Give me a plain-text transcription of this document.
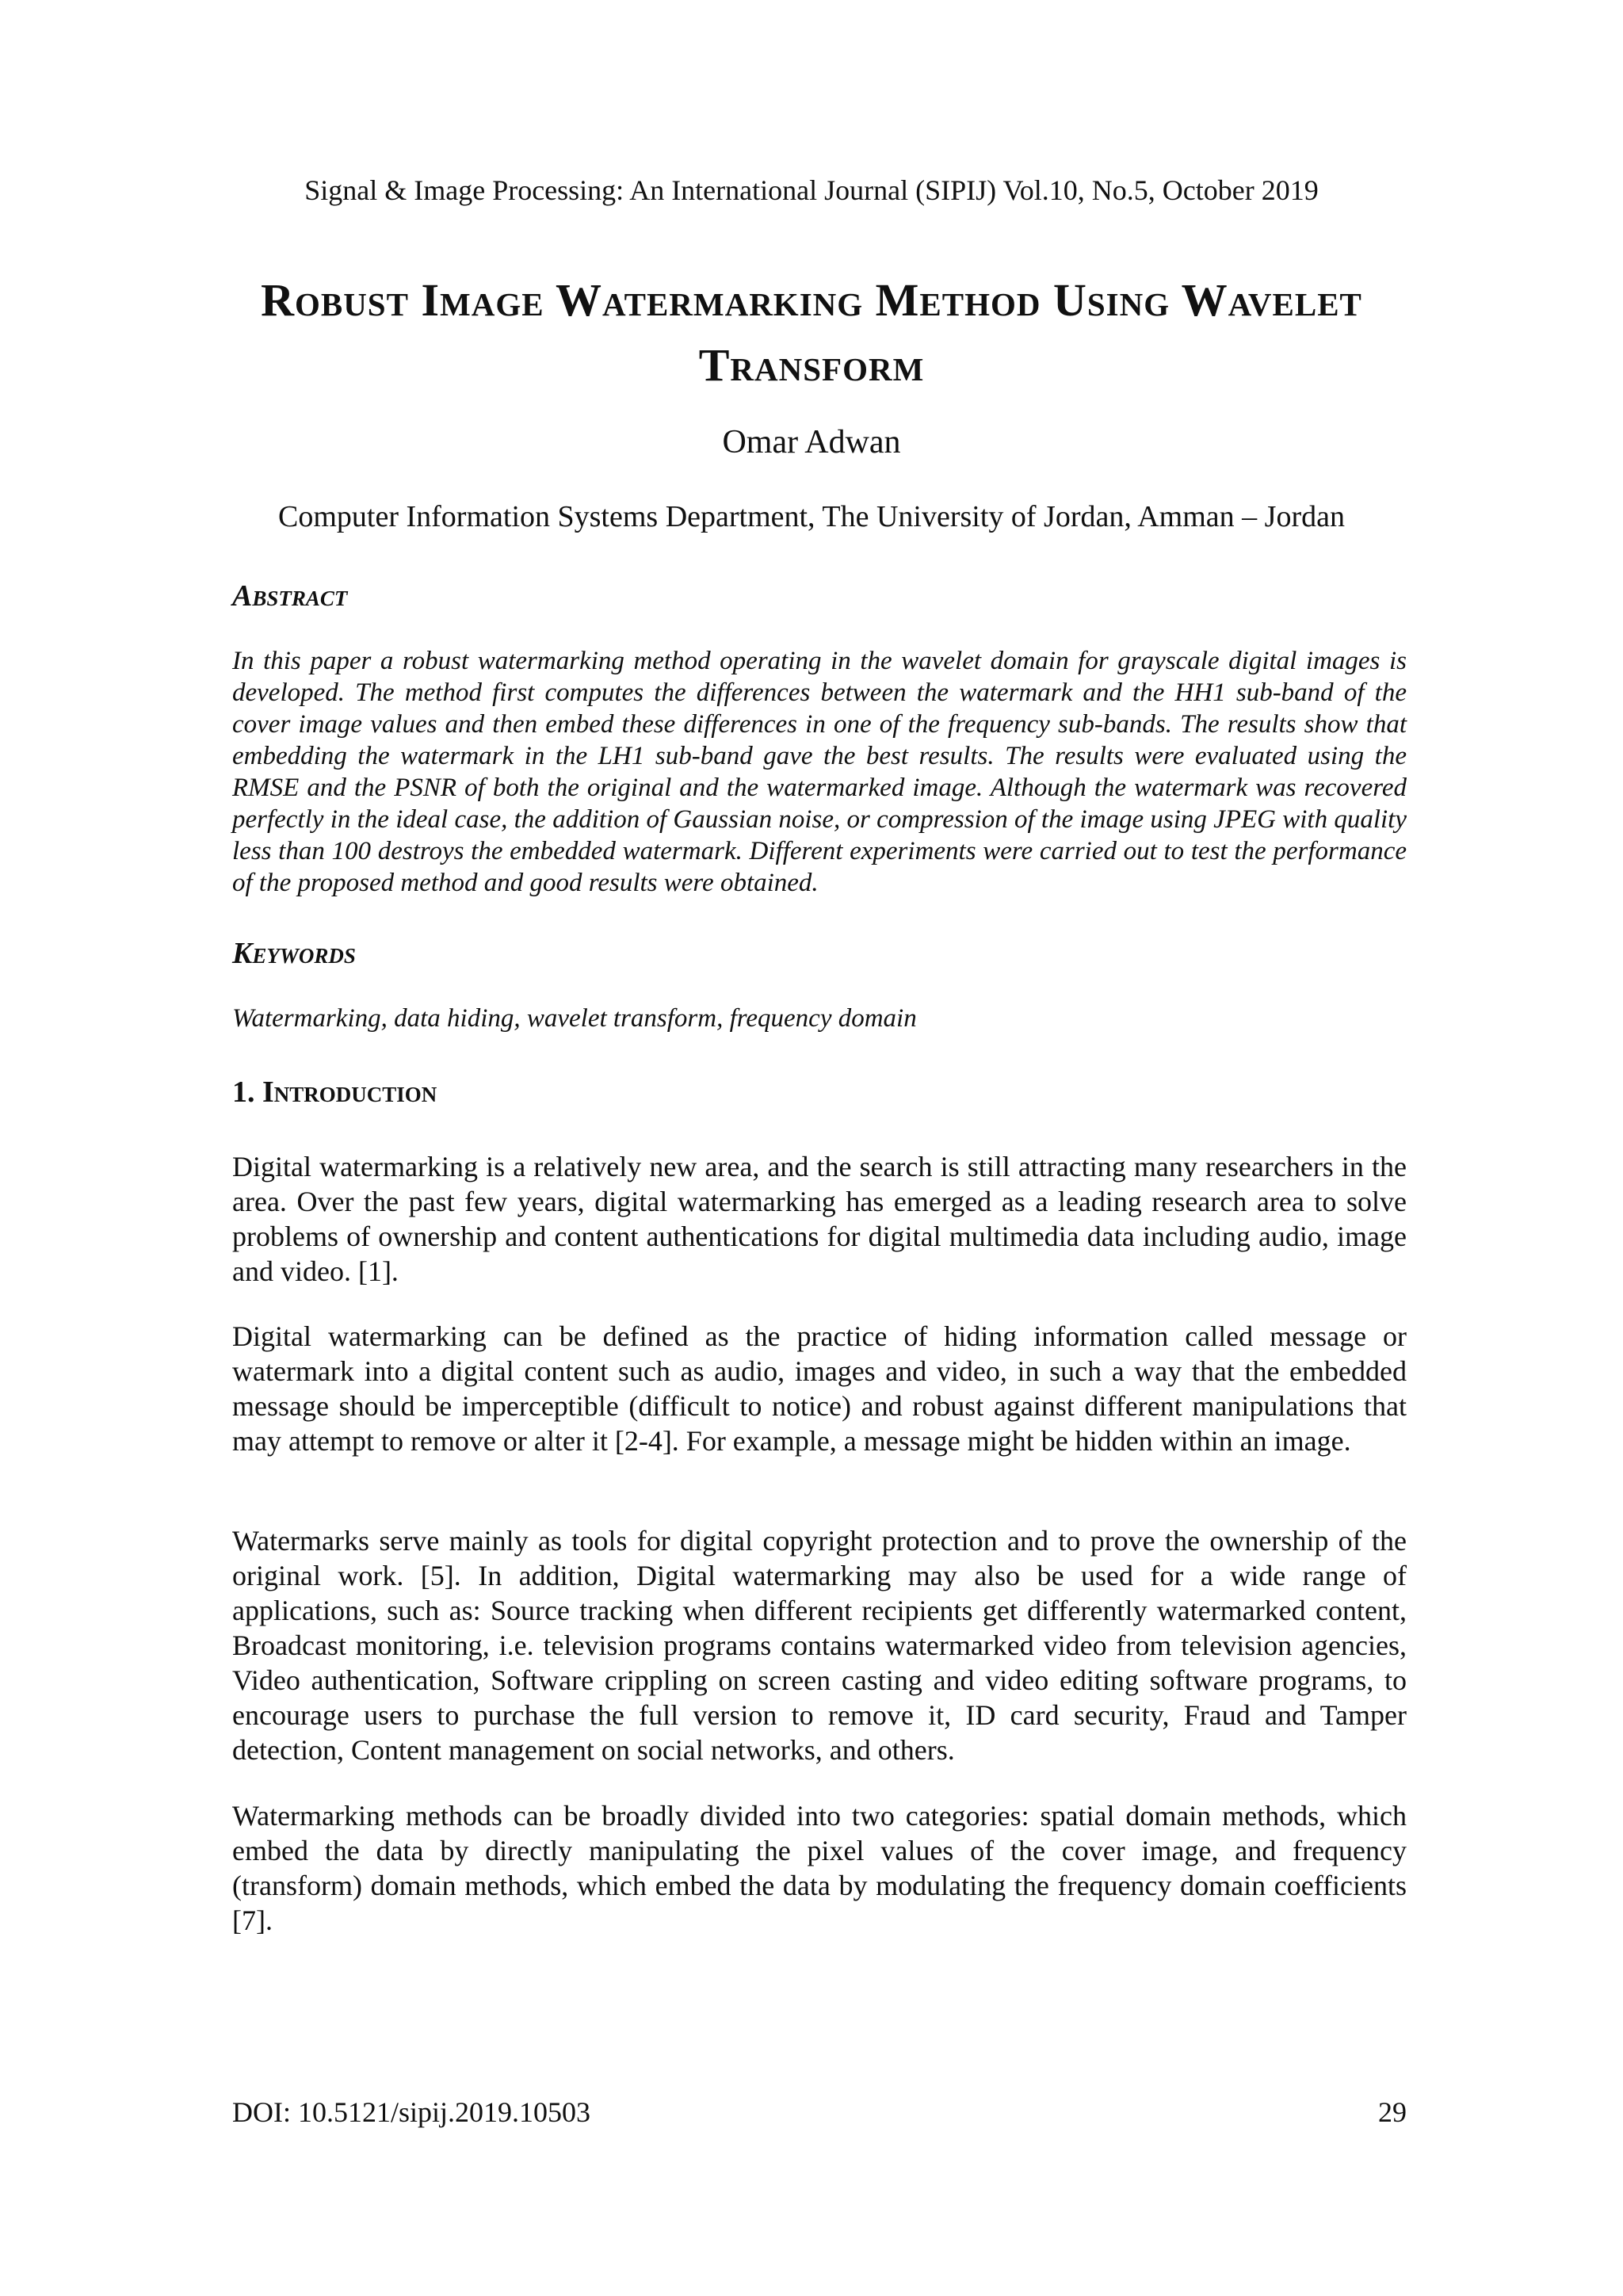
Signal & Image Processing: An International Journal (SIPIJ) Vol.10, No.5, October 2019
Robust Image Watermarking Method Using Wavelet Transform
Omar Adwan
Computer Information Systems Department, The University of Jordan, Amman – Jordan
Abstract
In this paper a robust watermarking method operating in the wavelet domain for grayscale digital images is developed. The method first computes the differences between the watermark and the HH1 sub-band of the cover image values and then embed these differences in one of the frequency sub-bands. The results show that embedding the watermark in the LH1 sub-band gave the best results. The results were evaluated using the RMSE and the PSNR of both the original and the watermarked image. Although the watermark was recovered perfectly in the ideal case, the addition of Gaussian noise, or compression of the image using JPEG with quality less than 100 destroys the embedded watermark. Different experiments were carried out to test the performance of the proposed method and good results were obtained.
Keywords
Watermarking, data hiding, wavelet transform, frequency domain
1. Introduction

Digital watermarking is a relatively new area, and the search is still attracting many researchers in the area. Over the past few years, digital watermarking has emerged as a leading research area to solve problems of ownership and content authentications for digital multimedia data including audio, image and video. [1].

Digital watermarking can be defined as the practice of hiding information called message or watermark into a digital content such as audio, images and video, in such a way that the embedded message should be imperceptible (difficult to notice) and robust against different manipulations that may attempt to remove or alter it [2-4]. For example, a message might be hidden within an image.

Watermarks serve mainly as tools for digital copyright protection and to prove the ownership of the original work. [5]. In addition, Digital watermarking may also be used for a wide range of applications, such as: Source tracking when different recipients get differently watermarked content, Broadcast monitoring, i.e. television programs contains watermarked video from television agencies, Video authentication, Software crippling on screen casting and video editing software programs, to encourage users to purchase the full version to remove it, ID card security, Fraud and Tamper detection, Content management on social networks, and others.

Watermarking methods can be broadly divided into two categories: spatial domain methods, which embed the data by directly manipulating the pixel values of the cover image, and frequency (transform) domain methods, which embed the data by modulating the frequency domain coefficients [7].

DOI: 10.5121/sipij.2019.10503	29
